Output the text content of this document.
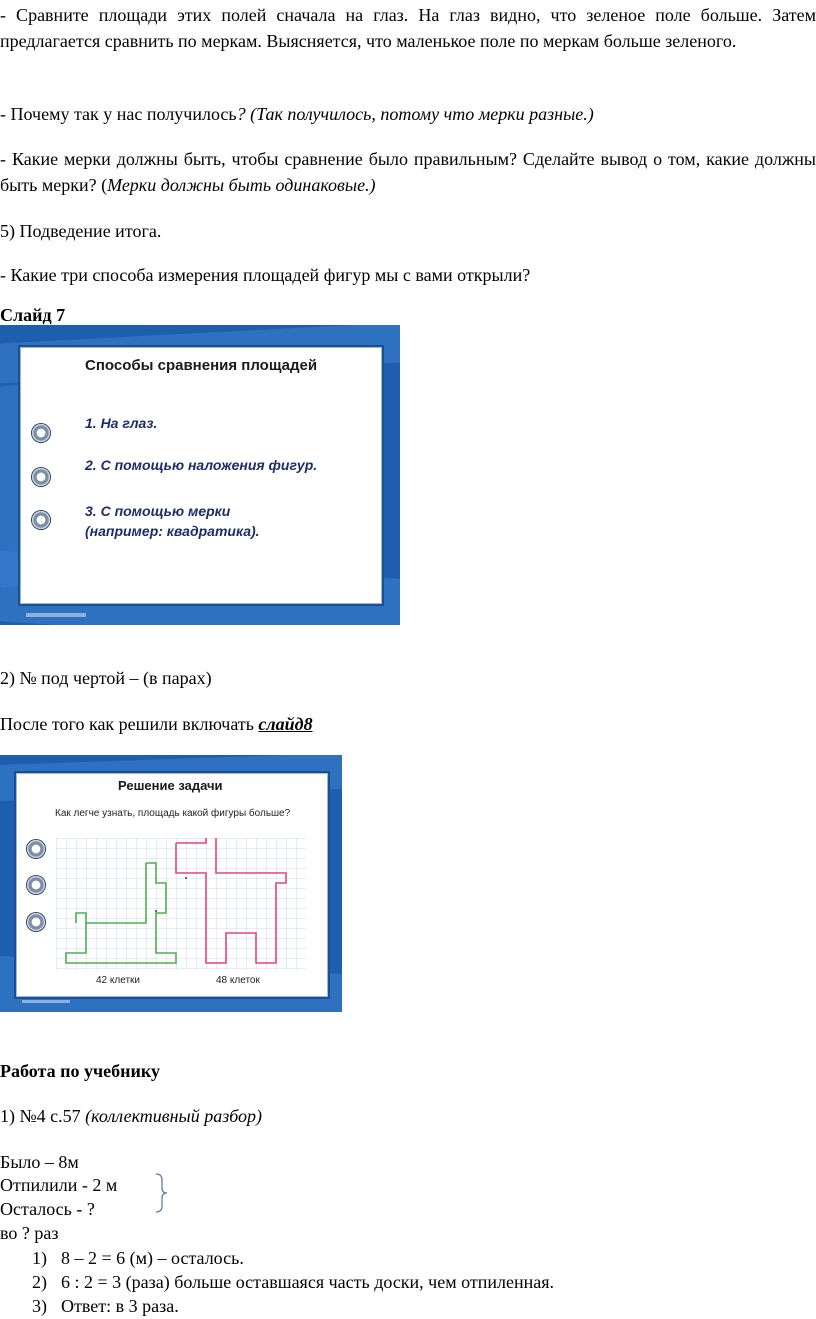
- Сравните площади этих полей сначала на глаз. На глаз видно, что зеленое поле больше. Затем предлагается сравнить по меркам. Выясняется, что маленькое поле по меркам больше зеленого.

- Почему так у нас получилось? (Так получилось, потому что мерки разные.)

- Какие мерки должны быть, чтобы сравнение было правильным? Сделайте вывод о том, какие должны быть мерки? (Мерки должны быть одинаковые.)

5) Подведение итога.

- Какие три способа измерения площадей фигур мы с вами открыли?

Слайд 7

Способы сравнения площадей
1. На глаз.
2. С помощью наложения фигур.
3. С помощью мерки
(например: квадратика).

2) № под чертой – (в парах)

После того как решили включать слайд8

Решение задачи
Как легче узнать, площадь какой фигуры больше?
42 клетки	48 клеток

Работа по учебнику

1) №4 с.57 (коллективный разбор)

Было – 8м

Отпилили - 2 м

Осталось - ?

во ? раз

1) 8 – 2 = 6 (м) – осталось.

2) 6 : 2 = 3 (раза) больше оставшаяся часть доски, чем отпиленная.

3) Ответ: в 3 раза.
